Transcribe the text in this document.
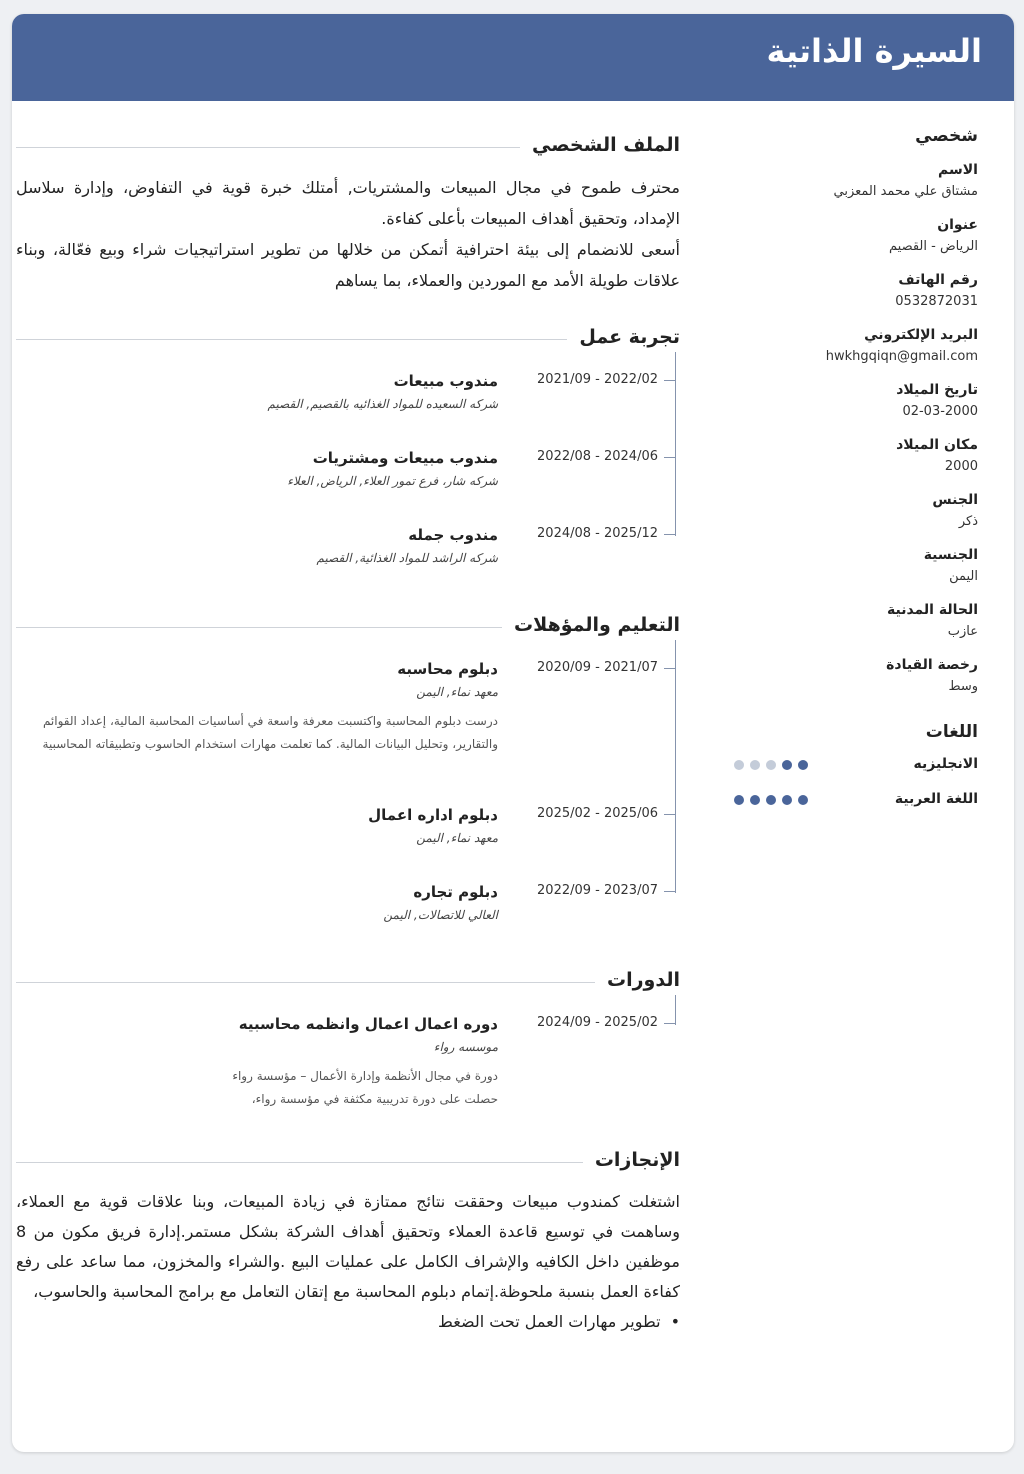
السيرة الذاتية
شخصي
الاسم
مشتاق علي محمد المعزبي
عنوان
الرياض - القصيم
رقم الهاتف
0532872031
البريد الإلكتروني
hwkhgqiqn@gmail.com
تاريخ الميلاد
02-03-2000
مكان الميلاد
2000
الجنس
ذكر
الجنسية
اليمن
الحالة المدنية
عازب
رخصة القيادة
وسط
اللغات
الانجليزيه
اللغة العربية
الملف الشخصي

محترف طموح في مجال المبيعات والمشتريات, أمتلك خبرة قوية في التفاوض، وإدارة سلاسل الإمداد، وتحقيق أهداف المبيعات بأعلى كفاءة.

أسعى للانضمام إلى بيئة احترافية أتمكن من خلالها من تطوير استراتيجيات شراء وبيع فعّالة، وبناء علاقات طويلة الأمد مع الموردين والعملاء، بما يساهم

تجربة عمل
2021/09 - 2022/02
مندوب مبيعات
شركه السعيده للمواد الغذائيه بالقصيم, القصيم
2022/08 - 2024/06
مندوب مبيعات ومشتريات
شركه شار، فرع تمور العلاء, الرياض, العلاء
2024/08 - 2025/12
مندوب جمله
شركه الراشد للمواد الغذائية, القصيم
التعليم والمؤهلات
2020/09 - 2021/07
دبلوم محاسبه
معهد نماء, اليمن
درست دبلوم المحاسبة واكتسبت معرفة واسعة في أساسيات المحاسبة المالية، إعداد القوائم والتقارير، وتحليل البيانات المالية. كما تعلمت مهارات استخدام الحاسوب وتطبيقاته المحاسبية
2025/02 - 2025/06
دبلوم اداره اعمال
معهد نماء, اليمن
2022/09 - 2023/07
دبلوم تجاره
العالي للاتصالات, اليمن
الدورات
2024/09 - 2025/02
دوره اعمال اعمال وانظمه محاسبيه
موسسه رواء
دورة في مجال الأنظمة وإدارة الأعمال – مؤسسة رواء
حصلت على دورة تدريبية مكثفة في مؤسسة رواء،
الإنجازات

اشتغلت كمندوب مبيعات وحققت نتائج ممتازة في زيادة المبيعات، وبنا علاقات قوية مع العملاء، وساهمت في توسيع قاعدة العملاء وتحقيق أهداف الشركة بشكل مستمر.إدارة فريق مكون من 8 موظفين داخل الكافيه والإشراف الكامل على عمليات البيع .والشراء والمخزون، مما ساعد على رفع كفاءة العمل بنسبة ملحوظة.إتمام دبلوم المحاسبة مع إتقان التعامل مع برامج المحاسبة والحاسوب،

• تطوير مهارات العمل تحت الضغط
